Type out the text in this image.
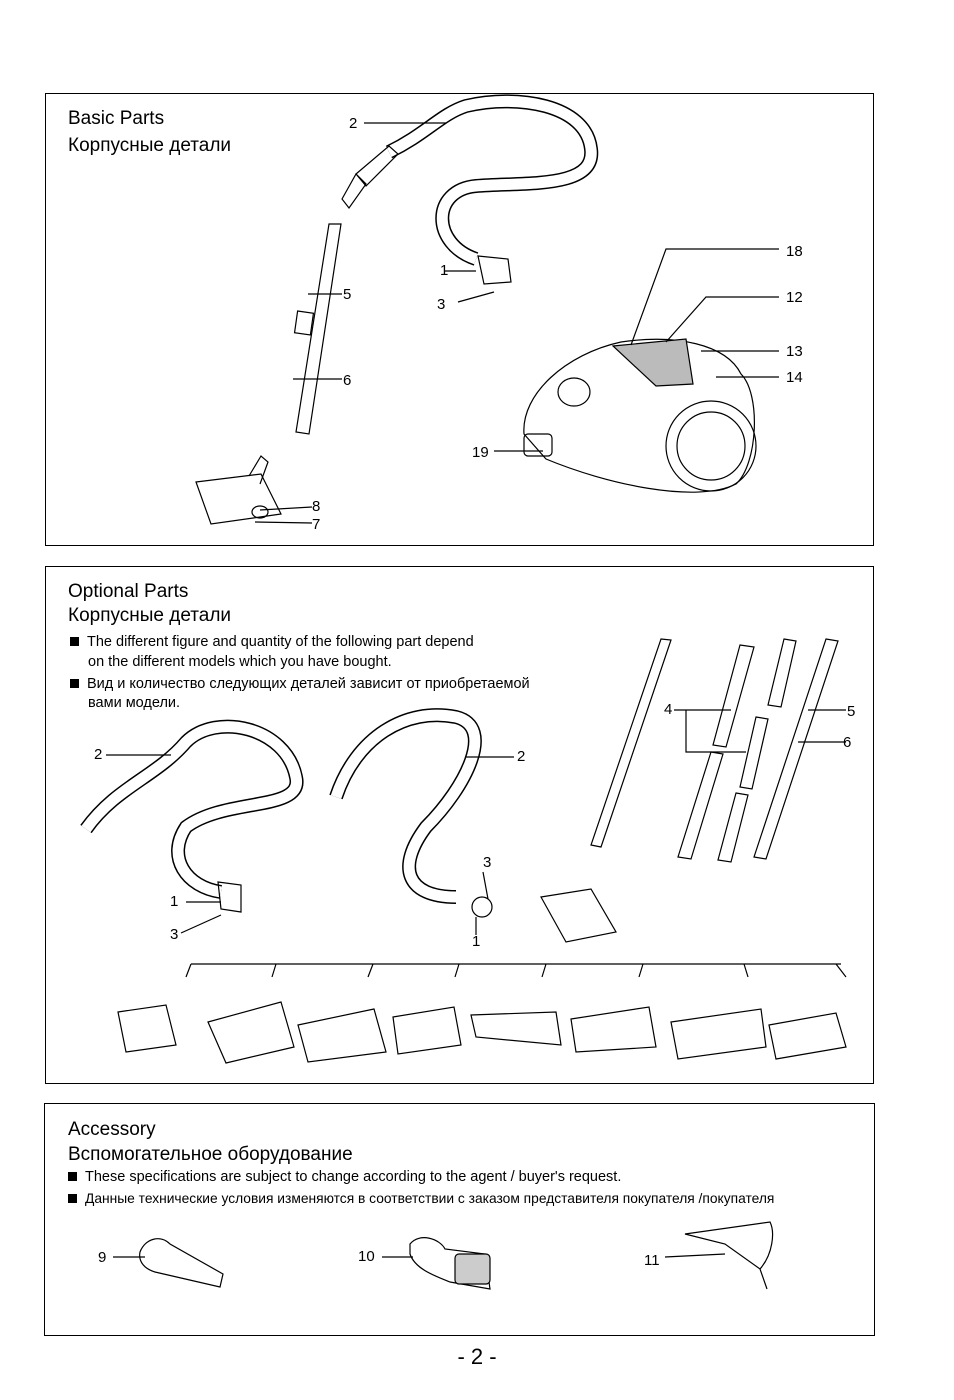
Basic Parts
Корпусные детали
2
1
3
5
6
8
7
18
12
13
14
19
Optional Parts
Корпусные детали
The different figure and quantity of the following part depend
on the different models which you have bought.
Вид и количество следующих деталей зависит от приобретаемой
вами модели.
2	2
1
3
3
1
4	5
6
Accessory
Вспомогательное оборудование
These specifications are subject to change according to the agent / buyer's request.
Данные технические условия изменяются в соответствии с заказом представителя покупателя /покупателя
9	10	11
- 2 -
